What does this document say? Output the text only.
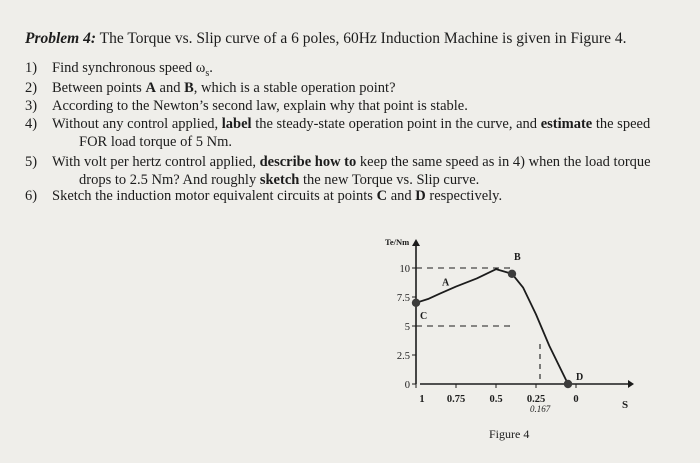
Problem 4: The Torque vs. Slip curve of a 6 poles, 60Hz Induction Machine is given in Figure 4.
1)	Find synchronous speed $\omega_s$.
2)	Between points A and B, which is a stable operation point?
3)	According to the Newton’s second law, explain why that point is stable.
4)	Without any control applied, label the steady-state operation point in the curve, and estimate the speed
FOR load torque of 5 Nm.
5)	With volt per hertz control applied, describe how to keep the same speed as in 4) when the load torque
drops to 2.5 Nm? And roughly sketch the new Torque vs. Slip curve.
6)	Sketch the induction motor equivalent circuits at points C and D respectively.
Te/Nm
S
0.167
Figure 4
0
2.5
5
7.5
10
1 0.75 0.5 0.25	0
C
A
B
D
